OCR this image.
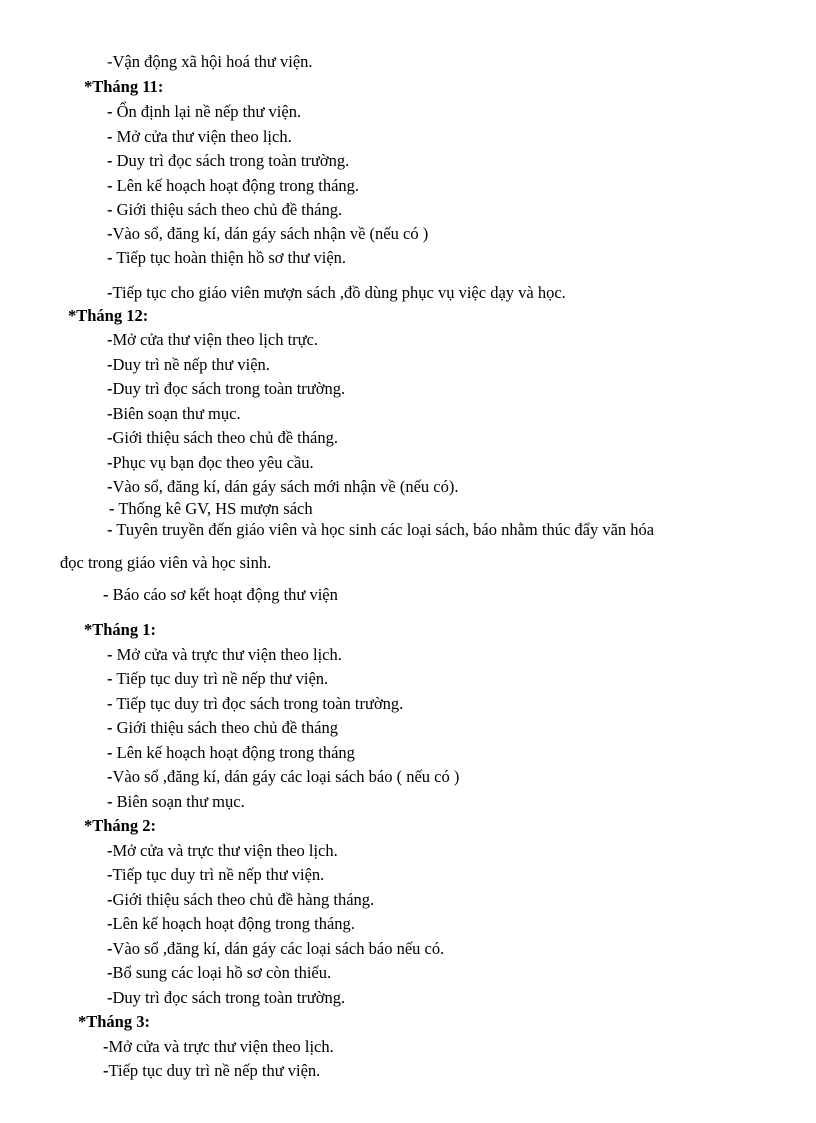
-Vận động xã hội hoá thư viện.
*Tháng 11:
- Ổn định lại nề nếp thư viện.
- Mở cửa thư viện theo lịch.
- Duy trì đọc sách trong toàn trường.
- Lên kế hoạch hoạt động trong tháng.
- Giới thiệu sách theo chủ đề tháng.
-Vào sổ, đăng kí, dán gáy sách nhận về (nếu có )
- Tiếp tục hoàn thiện hồ sơ thư viện.
-Tiếp tục cho giáo viên mượn sách ,đồ dùng phục vụ việc dạy và học.
*Tháng 12:
-Mở cửa thư viện theo lịch trực.
-Duy trì nề nếp thư viện.
-Duy trì đọc sách trong toàn trường.
-Biên soạn thư mục.
-Giới thiệu sách theo chủ đề tháng.
-Phục vụ bạn đọc theo yêu cầu.
-Vào sổ, đăng kí, dán gáy sách mới nhận về (nếu có).
- Thống kê GV, HS mượn sách
- Tuyên truyền đến giáo viên và học sinh các loại sách, báo nhằm thúc đẩy văn hóa
đọc trong giáo viên và học sinh.
- Báo cáo sơ kết hoạt động thư viện
*Tháng 1:
- Mở cửa và trực thư viện theo lịch.
- Tiếp tục duy trì nề nếp thư viện.
- Tiếp tục duy trì đọc sách trong toàn trường.
- Giới thiệu sách theo chủ đề tháng
- Lên kế hoạch hoạt động trong tháng
-Vào sổ ,đăng kí, dán gáy các loại sách báo ( nếu có )
- Biên soạn thư mục.
*Tháng 2:
-Mở cửa và trực thư viện theo lịch.
-Tiếp tục duy trì nề nếp thư viện.
-Giới thiệu sách theo chủ đề hàng tháng.
-Lên kế hoạch hoạt động trong tháng.
-Vào sổ ,đăng kí, dán gáy các loại sách báo nếu có.
-Bổ sung các loại hồ sơ còn thiếu.
-Duy trì đọc sách trong toàn trường.
*Tháng 3:
-Mở cửa và trực thư viện theo lịch.
-Tiếp tục duy trì nề nếp thư viện.
